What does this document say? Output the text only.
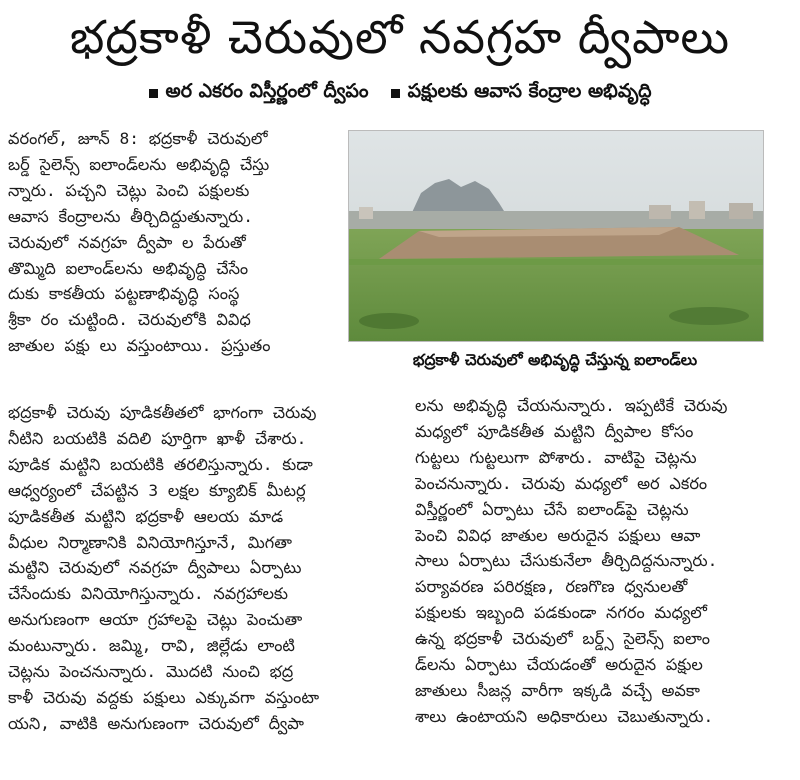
భద్రకాళీ చెరువులో నవగ్రహ ద్వీపాలు
అర ఎకరం విస్తీర్ణంలో ద్వీపం పక్షులకు ఆవాస కేంద్రాల అభివృద్ధి
వరంగల్, జూన్ 8: భద్రకాళీ చెరువులో
బర్డ్ సైలెన్స్ ఐలాండ్‌లను అభివృద్ధి చేస్తు
న్నారు. పచ్చని చెట్లు పెంచి పక్షులకు
ఆవాస కేంద్రాలను తీర్చిదిద్దుతున్నారు.
చెరువులో నవగ్రహ ద్వీపా ల పేరుతో
తొమ్మిది ఐలాండ్‌లను అభివృద్ధి చేసేం
దుకు కాకతీయ పట్టణాభివృద్ధి సంస్థ
శ్రీకా రం చుట్టింది. చెరువులోకి వివిధ
జాతుల పక్షు లు వస్తుంటాయి. ప్రస్తుతం
భద్రకాళీ చెరువులో అభివృద్ధి చేస్తున్న ఐలాండ్‌లు
భద్రకాళీ చెరువు పూడికతీతలో భాగంగా చెరువు
నీటిని బయటికి వదిలి పూర్తిగా ఖాళీ చేశారు.
పూడిక మట్టిని బయటికి తరలిస్తున్నారు. కుడా
ఆధ్వర్యంలో చేపట్టిన 3 లక్షల క్యూబిక్ మీటర్ల
పూడికతీత మట్టిని భద్రకాళీ ఆలయ మాడ
వీధుల నిర్మాణానికి వినియోగిస్తూనే, మిగతా
మట్టిని చెరువులో నవగ్రహ ద్వీపాలు ఏర్పాటు
చేసేందుకు వినియోగిస్తున్నారు. నవగ్రహాలకు
అనుగుణంగా ఆయా గ్రహాలపై చెట్లు పెంచుతా
మంటున్నారు. జమ్మి, రావి, జిల్లేడు లాంటి
చెట్లను పెంచనున్నారు. మొదటి నుంచి భద్ర
కాళీ చెరువు వద్దకు పక్షులు ఎక్కువగా వస్తుంటా
యని, వాటికి అనుగుణంగా చెరువులో ద్వీపా
లను అభివృద్ధి చేయనున్నారు. ఇప్పటికే చెరువు
మధ్యలో పూడికతీత మట్టిని ద్వీపాల కోసం
గుట్టలు గుట్టలుగా పోశారు. వాటిపై చెట్లను
పెంచనున్నారు. చెరువు మధ్యలో అర ఎకరం
విస్తీర్ణంలో ఏర్పాటు చేసే ఐలాండ్‌పై చెట్లను
పెంచి వివిధ జాతుల అరుదైన పక్షులు ఆవా
సాలు ఏర్పాటు చేసుకునేలా తీర్చిదిద్దనున్నారు.
పర్యావరణ పరిరక్షణ, రణగొణ ధ్వనులతో
పక్షులకు ఇబ్బంది పడకుండా నగరం మధ్యలో
ఉన్న భద్రకాళీ చెరువులో బర్డ్స్ సైలెన్స్ ఐలాం
డ్‌లను ఏర్పాటు చేయడంతో అరుదైన పక్షుల
జాతులు సీజన్ల వారీగా ఇక్కడి వచ్చే అవకా
శాలు ఉంటాయని అధికారులు చెబుతున్నారు.
